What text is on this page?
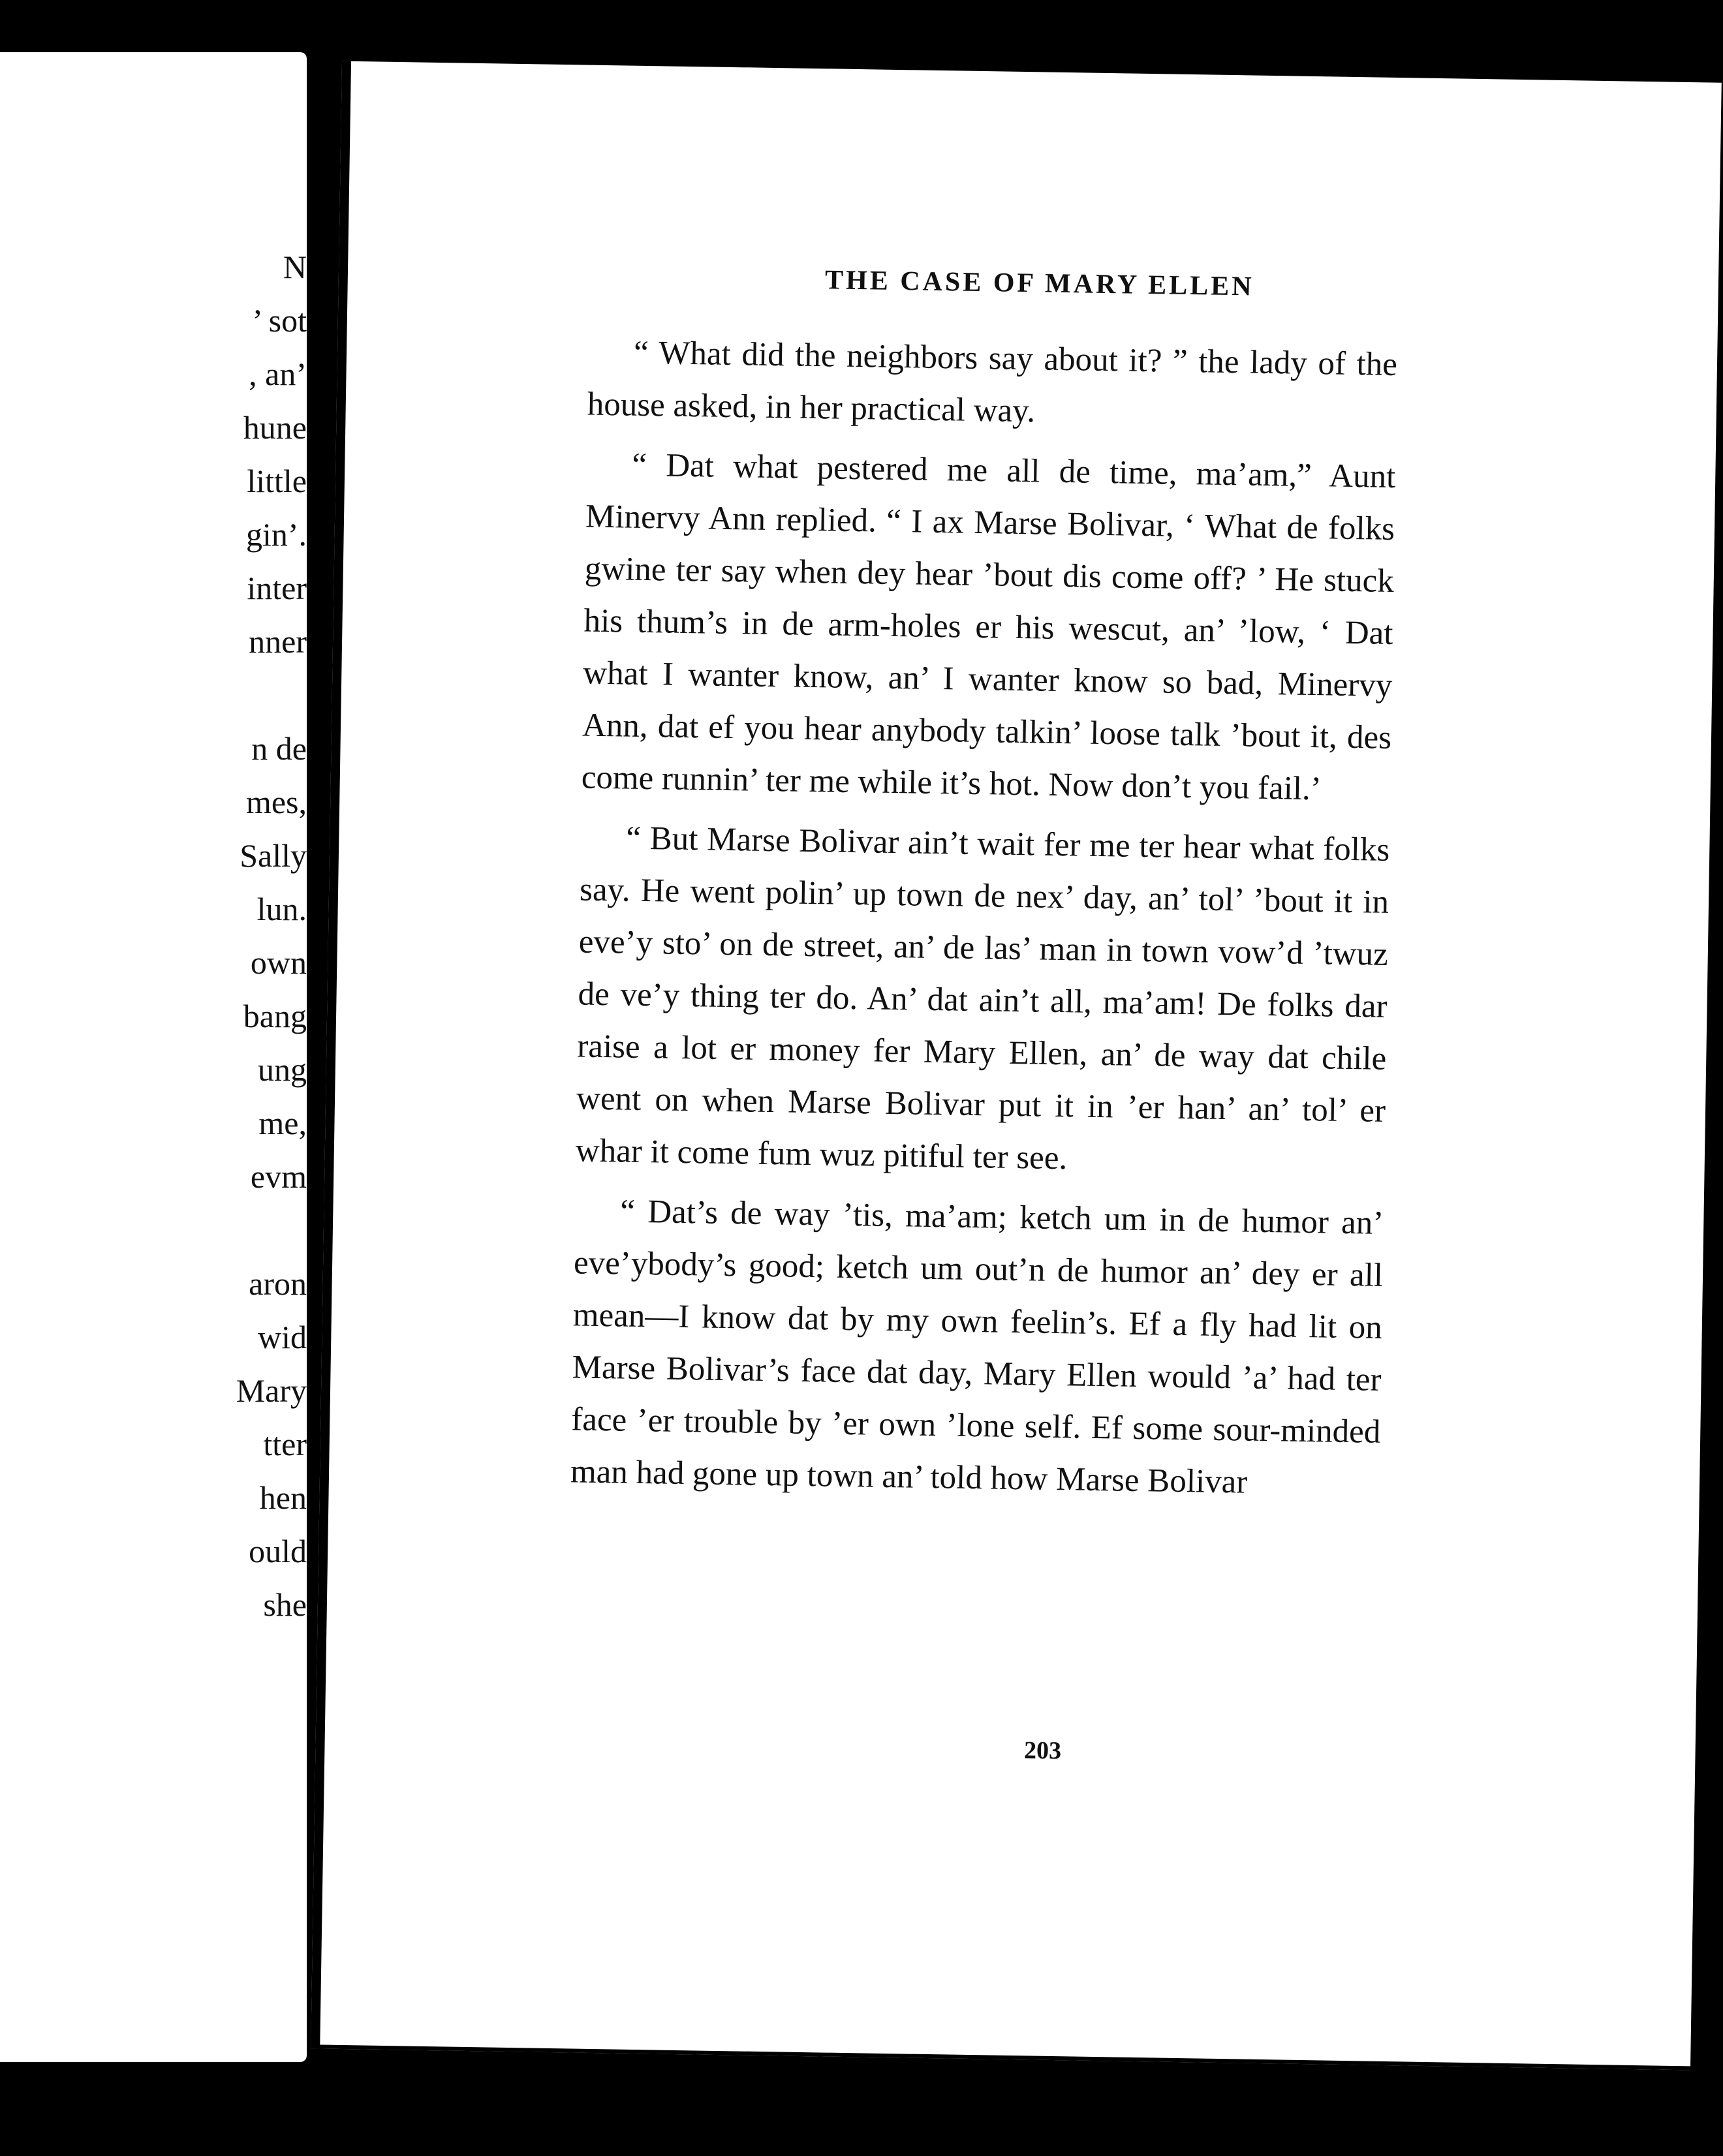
N

’ sot

, an’

hune

little

gin’.

inter

nner

n de

mes,

Sally

lun.

own

bang

ung

me,

evm

aron

wid

Mary

tter

hen

ould

she

THE CASE OF MARY ELLEN

“ What did the neighbors say about it? ” the lady of the house asked, in her practical way.

“ Dat what pestered me all de time, ma’am,” Aunt Minervy Ann replied. “ I ax Marse Bolivar, ‘ What de folks gwine ter say when dey hear ’bout dis come off? ’ He stuck his thum’s in de arm-holes er his wescut, an’ ’low, ‘ Dat what I wanter know, an’ I wanter know so bad, Minervy Ann, dat ef you hear anybody talkin’ loose talk ’bout it, des come runnin’ ter me while it’s hot. Now don’t you fail.’

“ But Marse Bolivar ain’t wait fer me ter hear what folks say. He went polin’ up town de nex’ day, an’ tol’ ’bout it in eve’y sto’ on de street, an’ de las’ man in town vow’d ’twuz de ve’y thing ter do. An’ dat ain’t all, ma’am! De folks dar raise a lot er money fer Mary Ellen, an’ de way dat chile went on when Marse Bolivar put it in ’er han’ an’ tol’ er whar it come fum wuz pitiful ter see.

“ Dat’s de way ’tis, ma’am; ketch um in de humor an’ eve’ybody’s good; ketch um out’n de humor an’ dey er all mean—I know dat by my own feelin’s. Ef a fly had lit on Marse Bolivar’s face dat day, Mary Ellen would ’a’ had ter face ’er trouble by ’er own ’lone self. Ef some sour-minded man had gone up town an’ told how Marse Bolivar

203
